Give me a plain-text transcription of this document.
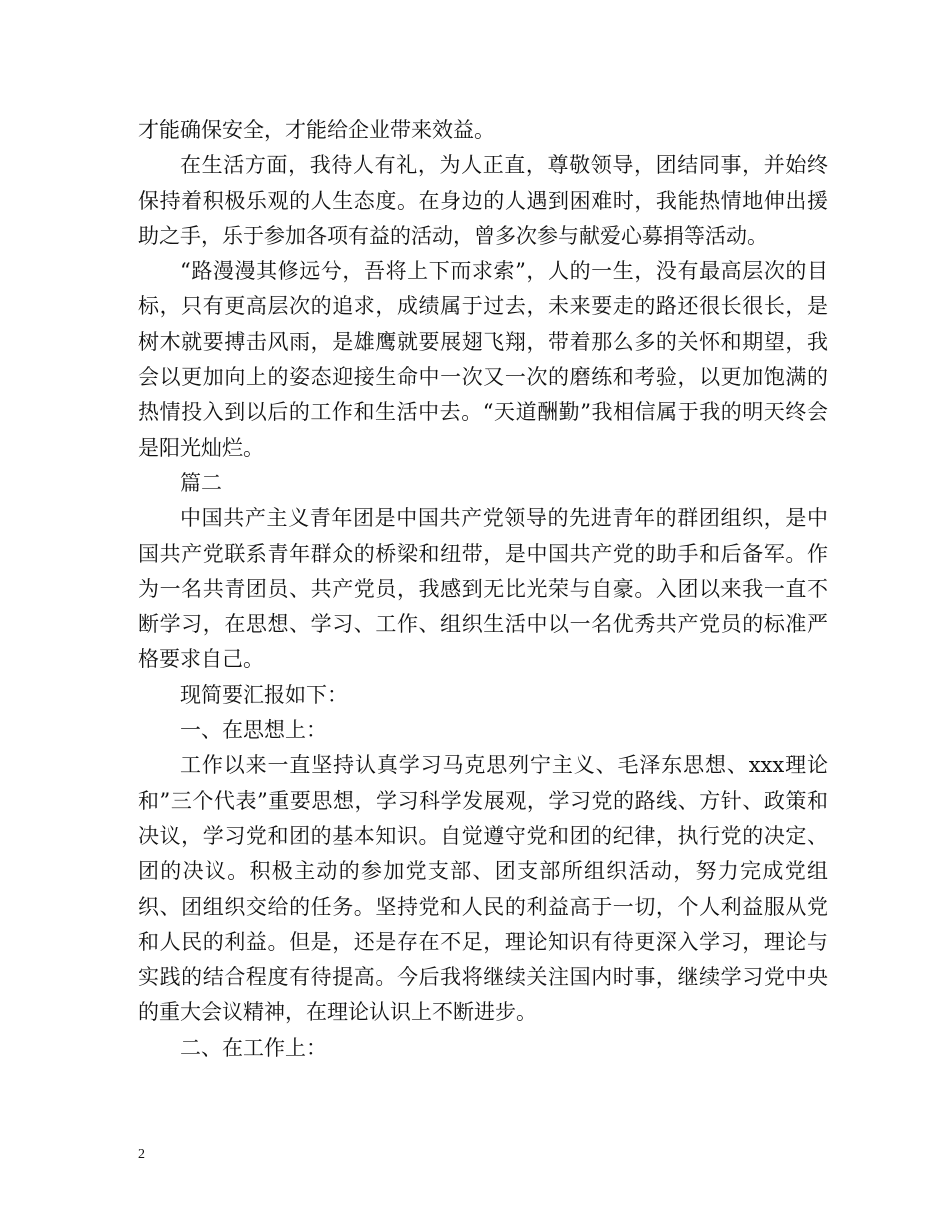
才能确保安全，才能给企业带来效益。

在生活方面，我待人有礼，为人正直，尊敬领导，团结同事，并始终保持着积极乐观的人生态度。在身边的人遇到困难时，我能热情地伸出援助之手，乐于参加各项有益的活动，曾多次参与献爱心募捐等活动。

“路漫漫其修远兮，吾将上下而求索”，人的一生，没有最高层次的目标，只有更高层次的追求，成绩属于过去，未来要走的路还很长很长，是树木就要搏击风雨，是雄鹰就要展翅飞翔，带着那么多的关怀和期望，我会以更加向上的姿态迎接生命中一次又一次的磨练和考验，以更加饱满的热情投入到以后的工作和生活中去。“天道酬勤”我相信属于我的明天终会是阳光灿烂。

篇二

中国共产主义青年团是中国共产党领导的先进青年的群团组织，是中国共产党联系青年群众的桥梁和纽带，是中国共产党的助手和后备军。作为一名共青团员、共产党员，我感到无比光荣与自豪。入团以来我一直不断学习，在思想、学习、工作、组织生活中以一名优秀共产党员的标准严格要求自己。

现简要汇报如下：

一、在思想上：

工作以来一直坚持认真学习马克思列宁主义、毛泽东思想、xxx理论和”三个代表”重要思想，学习科学发展观，学习党的路线、方针、政策和决议，学习党和团的基本知识。自觉遵守党和团的纪律，执行党的决定、团的决议。积极主动的参加党支部、团支部所组织活动，努力完成党组织、团组织交给的任务。坚持党和人民的利益高于一切，个人利益服从党和人民的利益。但是，还是存在不足，理论知识有待更深入学习，理论与实践的结合程度有待提高。今后我将继续关注国内时事，继续学习党中央的重大会议精神，在理论认识上不断进步。

二、在工作上：

2
